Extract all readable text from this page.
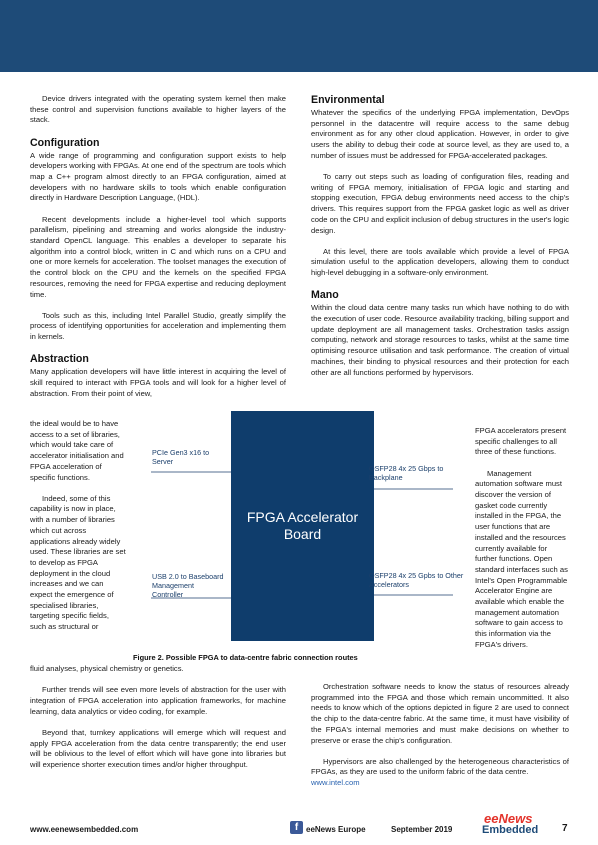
Device drivers integrated with the operating system kernel then make these control and supervision functions available to higher layers of the stack.

Configuration

A wide range of programming and configuration support exists to help developers working with FPGAs. At one end of the spectrum are tools which map a C++ program almost directly to an FPGA configuration, aimed at developers with no hardware skills to tools which enable configuration directly in Hardware Description Language, (HDL).

Recent developments include a higher-level tool which supports parallelism, pipelining and streaming and works alongside the industry-standard OpenCL language. This enables a developer to separate his algorithm into a control block, written in C and which runs on a CPU and one or more kernels for acceleration. The toolset manages the execution of the control block on the CPU and the kernels on the specified FPGA resources, removing the need for FPGA expertise and reducing deployment time.

Tools such as this, including Intel Parallel Studio, greatly simplify the process of identifying opportunities for acceleration and implementing them in kernels.

Abstraction

Many application developers will have little interest in acquiring the level of skill required to interact with FPGA tools and will look for a higher level of abstraction. From their point of view,

the ideal would be to have access to a set of libraries, which would take care of accelerator initialisation and FPGA acceleration of specific functions.

Indeed, some of this capability is now in place, with a number of libraries which cut across applications already widely used. These libraries are set to develop as FPGA deployment in the cloud increases and we can expect the emergence of specialised libraries, targeting specific fields, such as structural or

Environmental

Whatever the specifics of the underlying FPGA implementation, DevOps personnel in the datacentre will require access to the same debug environment as for any other cloud application. However, in order to give users the ability to debug their code at source level, as they are used to, a number of issues must be addressed for FPGA-accelerated packages.

To carry out steps such as loading of configuration files, reading and writing of FPGA memory, initialisation of FPGA logic and starting and stopping execution, FPGA debug environments need access to the chip's drivers. This requires support from the FPGA gasket logic as well as driver code on the CPU and explicit inclusion of debug structures in the user's logic design.

At this level, there are tools available which provide a level of FPGA simulation useful to the application developers, allowing them to conduct high-level debugging in a software-only environment.

Mano

Within the cloud data centre many tasks run which have nothing to do with the execution of user code. Resource availability tracking, billing support and update deployment are all management tasks. Orchestration tasks assign computing, network and storage resources to tasks, whilst at the same time optimising resource utilisation and task performance. The creation of virtual machines, their binding to physical resources and their protection for each other are all functions performed by hypervisors.

FPGA accelerators present specific challenges to all three of these functions.

Management automation software must discover the version of gasket code currently installed in the FPGA, the user functions that are installed and the resources currently available for further functions. Open standard interfaces such as Intel's Open Programmable Accelerator Engine are available which enable the management automation software to gain access to this information via the FPGA's drivers.

FPGA Accelerator Board
PCIe Gen3 x16 to Server
USB 2.0 to Baseboard Management Controller
QSFP28 4x 25 Gbps to Backplane
QSFP28 4x 25 Gpbs to Other Accelerators
Figure 2. Possible FPGA to data-centre fabric connection routes

fluid analyses, physical chemistry or genetics.

Further trends will see even more levels of abstraction for the user with integration of FPGA acceleration into application frameworks, for machine learning, data analytics or video coding, for example.

Beyond that, turnkey applications will emerge which will request and apply FPGA acceleration from the data centre transparently; the end user will be oblivious to the level of effort which will have gone into libraries but will experience shorter execution times and/or higher throughput.

Orchestration software needs to know the status of resources already programmed into the FPGA and those which remain uncommitted. It also needs to know which of the options depicted in figure 2 are used to connect the chip to the data-centre fabric. At the same time, it must have visibility of the FPGA's internal memories and must make decisions on whether to preserve or erase the chip's configuration.

Hypervisors are also challenged by the heterogeneous characteristics of FPGAs, as they are used to the uniform fabric of the data centre.

www.intel.com

www.eenewsembedded.com	f eeNews Europe	September 2019
eeNews
Embedded 7
